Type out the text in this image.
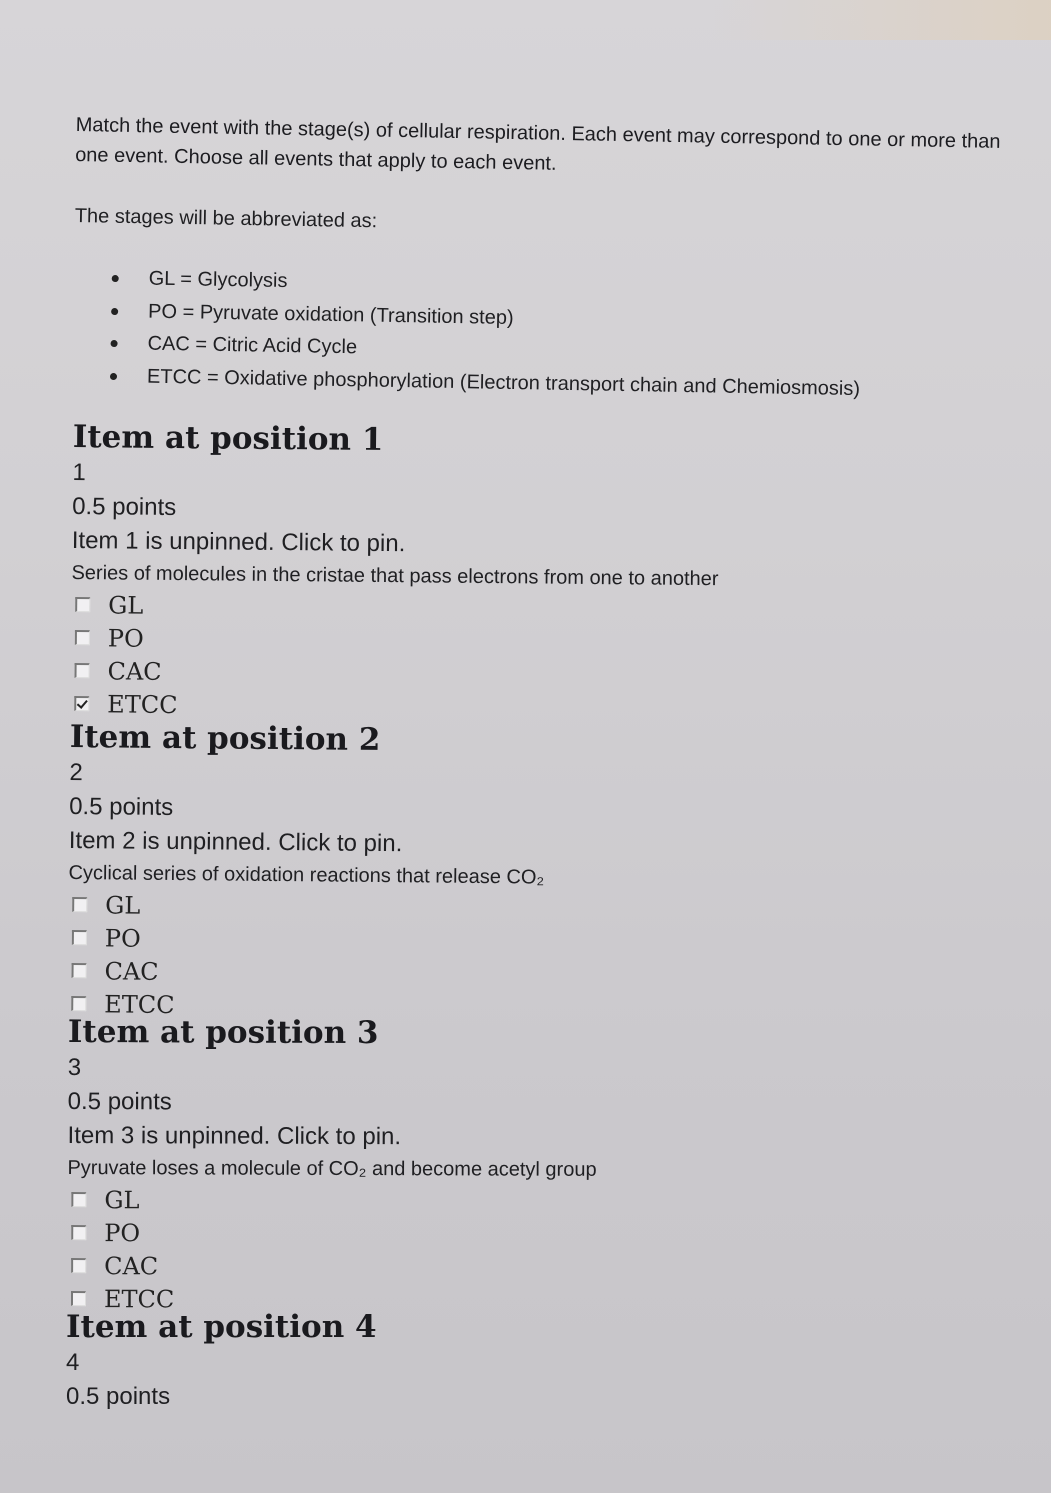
Match the event with the stage(s) of cellular respiration. Each event may correspond to one or more than one event. Choose all events that apply to each event.
The stages will be abbreviated as:
GL = Glycolysis
PO = Pyruvate oxidation (Transition step)
CAC = Citric Acid Cycle
ETCC = Oxidative phosphorylation (Electron transport chain and Chemiosmosis)
Item at position 1

1

0.5 points

Item 1 is unpinned. Click to pin.

Series of molecules in the cristae that pass electrons from one to another

GL
PO
CAC
ETCC
Item at position 2

2

0.5 points

Item 2 is unpinned. Click to pin.

Cyclical series of oxidation reactions that release CO₂

GL
PO
CAC
ETCC
Item at position 3

3

0.5 points

Item 3 is unpinned. Click to pin.

Pyruvate loses a molecule of CO₂ and become acetyl group

GL
PO
CAC
ETCC
Item at position 4

4

0.5 points
